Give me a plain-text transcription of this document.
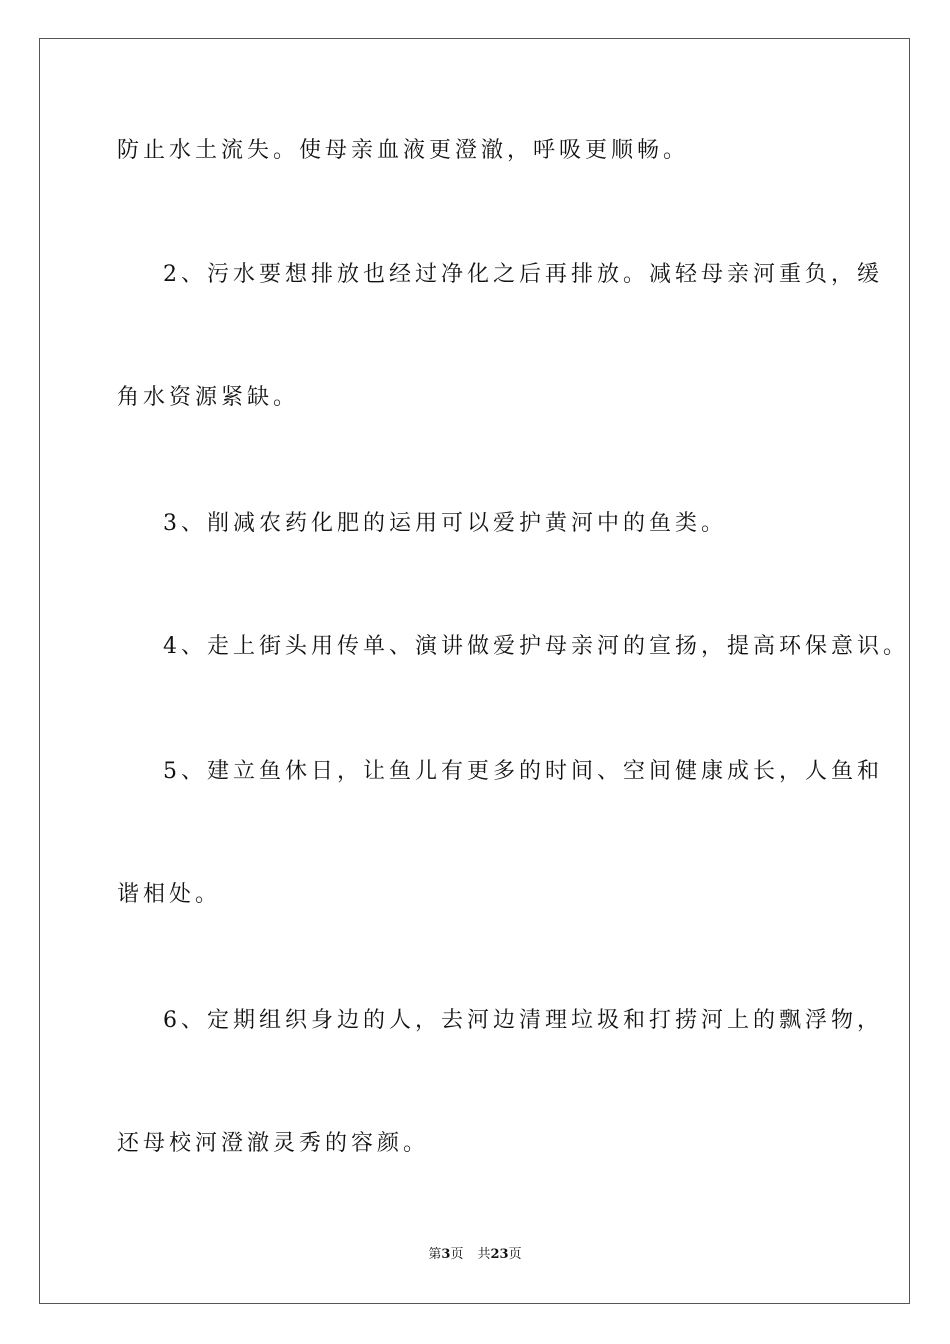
防止水土流失。使母亲血液更澄澈，呼吸更顺畅。
2、污水要想排放也经过净化之后再排放。减轻母亲河重负，缓
角水资源紧缺。
3、削减农药化肥的运用可以爱护黄河中的鱼类。
4、走上街头用传单、演讲做爱护母亲河的宣扬，提高环保意识。
5、建立鱼休日，让鱼儿有更多的时间、空间健康成长，人鱼和
谐相处。
6、定期组织身边的人，去河边清理垃圾和打捞河上的飘浮物，
还母校河澄澈灵秀的容颜。
第3页 共23页
